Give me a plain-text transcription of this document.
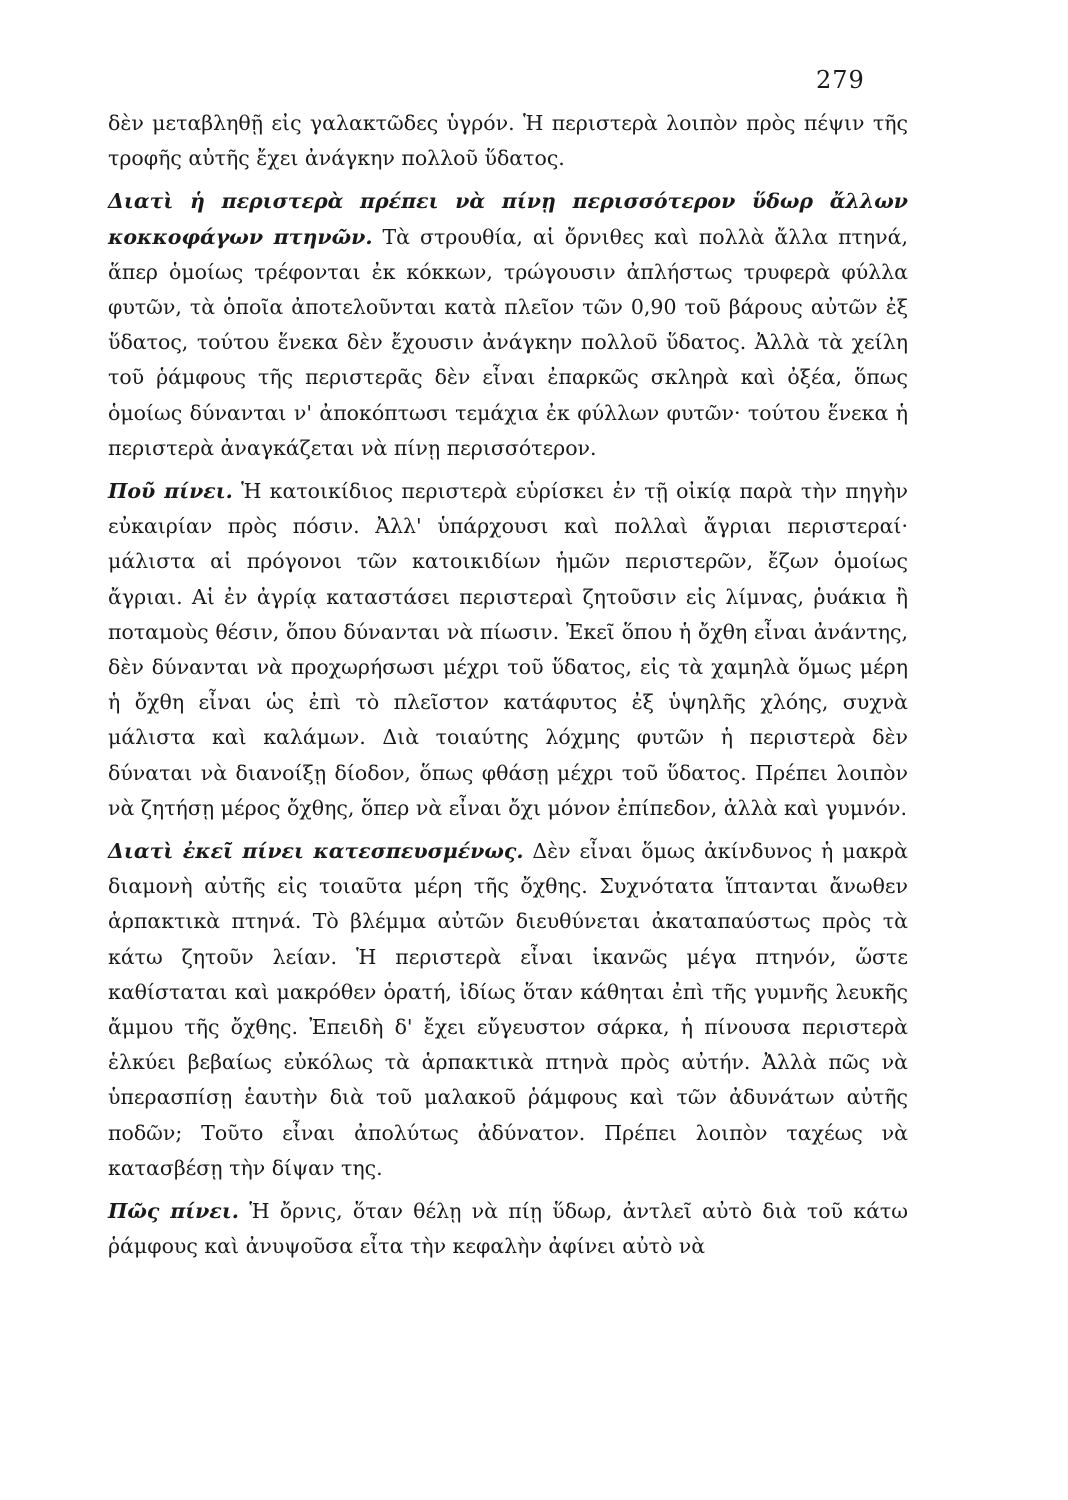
279

δὲν μεταβληθῇ εἰς γαλακτῶδες ὑγρόν. Ἡ περιστερὰ λοιπὸν πρὸς πέψιν τῆς τροφῆς αὐτῆς ἔχει ἀνάγκην πολλοῦ ὕδατος.

Διατὶ ἡ περιστερὰ πρέπει νὰ πίνῃ περισσότερον ὕδωρ ἄλλων κοκκοφάγων πτηνῶν. Τὰ στρουθία, αἱ ὄρνιθες καὶ πολλὰ ἄλλα πτηνά, ἅπερ ὁμοίως τρέφονται ἐκ κόκκων, τρώγουσιν ἀπλήστως τρυφερὰ φύλλα φυτῶν, τὰ ὁποῖα ἀποτελοῦνται κατὰ πλεῖον τῶν 0,90 τοῦ βάρους αὐτῶν ἐξ ὕδατος, τούτου ἕνεκα δὲν ἔχουσιν ἀνάγκην πολλοῦ ὕδατος. Ἀλλὰ τὰ χείλη τοῦ ῥάμφους τῆς περιστερᾶς δὲν εἶναι ἐπαρκῶς σκληρὰ καὶ ὀξέα, ὅπως ὁμοίως δύνανται ν' ἀποκόπτωσι τεμάχια ἐκ φύλλων φυτῶν· τούτου ἕνεκα ἡ περιστερὰ ἀναγκάζεται νὰ πίνῃ περισσότερον.

Ποῦ πίνει. Ἡ κατοικίδιος περιστερὰ εὑρίσκει ἐν τῇ οἰκίᾳ παρὰ τὴν πηγὴν εὐκαιρίαν πρὸς πόσιν. Ἀλλ' ὑπάρχουσι καὶ πολλαὶ ἄγριαι περιστεραί· μάλιστα αἱ πρόγονοι τῶν κατοικιδίων ἡμῶν περιστερῶν, ἔζων ὁμοίως ἄγριαι. Αἱ ἐν ἀγρίᾳ καταστάσει περιστεραὶ ζητοῦσιν εἰς λίμνας, ῥυάκια ἢ ποταμοὺς θέσιν, ὅπου δύνανται νὰ πίωσιν. Ἐκεῖ ὅπου ἡ ὄχθη εἶναι ἀνάντης, δὲν δύνανται νὰ προχωρήσωσι μέχρι τοῦ ὕδατος, εἰς τὰ χαμηλὰ ὅμως μέρη ἡ ὄχθη εἶναι ὡς ἐπὶ τὸ πλεῖστον κατάφυτος ἐξ ὑψηλῆς χλόης, συχνὰ μάλιστα καὶ καλάμων. Διὰ τοιαύτης λόχμης φυτῶν ἡ περιστερὰ δὲν δύναται νὰ διανοίξῃ δίοδον, ὅπως φθάσῃ μέχρι τοῦ ὕδατος. Πρέπει λοιπὸν νὰ ζητήσῃ μέρος ὄχθης, ὅπερ νὰ εἶναι ὄχι μόνον ἐπίπεδον, ἀλλὰ καὶ γυμνόν.

Διατὶ ἐκεῖ πίνει κατεσπευσμένως. Δὲν εἶναι ὅμως ἀκίνδυνος ἡ μακρὰ διαμονὴ αὐτῆς εἰς τοιαῦτα μέρη τῆς ὄχθης. Συχνότατα ἵπτανται ἄνωθεν ἁρπακτικὰ πτηνά. Τὸ βλέμμα αὐτῶν διευθύνεται ἀκαταπαύστως πρὸς τὰ κάτω ζητοῦν λείαν. Ἡ περιστερὰ εἶναι ἱκανῶς μέγα πτηνόν, ὥστε καθίσταται καὶ μακρόθεν ὁρατή, ἰδίως ὅταν κάθηται ἐπὶ τῆς γυμνῆς λευκῆς ἄμμου τῆς ὄχθης. Ἐπειδὴ δ' ἔχει εὔγευστον σάρκα, ἡ πίνουσα περιστερὰ ἑλκύει βεβαίως εὐκόλως τὰ ἁρπακτικὰ πτηνὰ πρὸς αὐτήν. Ἀλλὰ πῶς νὰ ὑπερασπίσῃ ἑαυτὴν διὰ τοῦ μαλακοῦ ῥάμφους καὶ τῶν ἀδυνάτων αὐτῆς ποδῶν; Τοῦτο εἶναι ἀπολύτως ἀδύνατον. Πρέπει λοιπὸν ταχέως νὰ κατασβέσῃ τὴν δίψαν της.

Πῶς πίνει. Ἡ ὄρνις, ὅταν θέλῃ νὰ πίῃ ὕδωρ, ἀντλεῖ αὐτὸ διὰ τοῦ κάτω ῥάμφους καὶ ἀνυψοῦσα εἶτα τὴν κεφαλὴν ἀφίνει αὐτὸ νὰ
